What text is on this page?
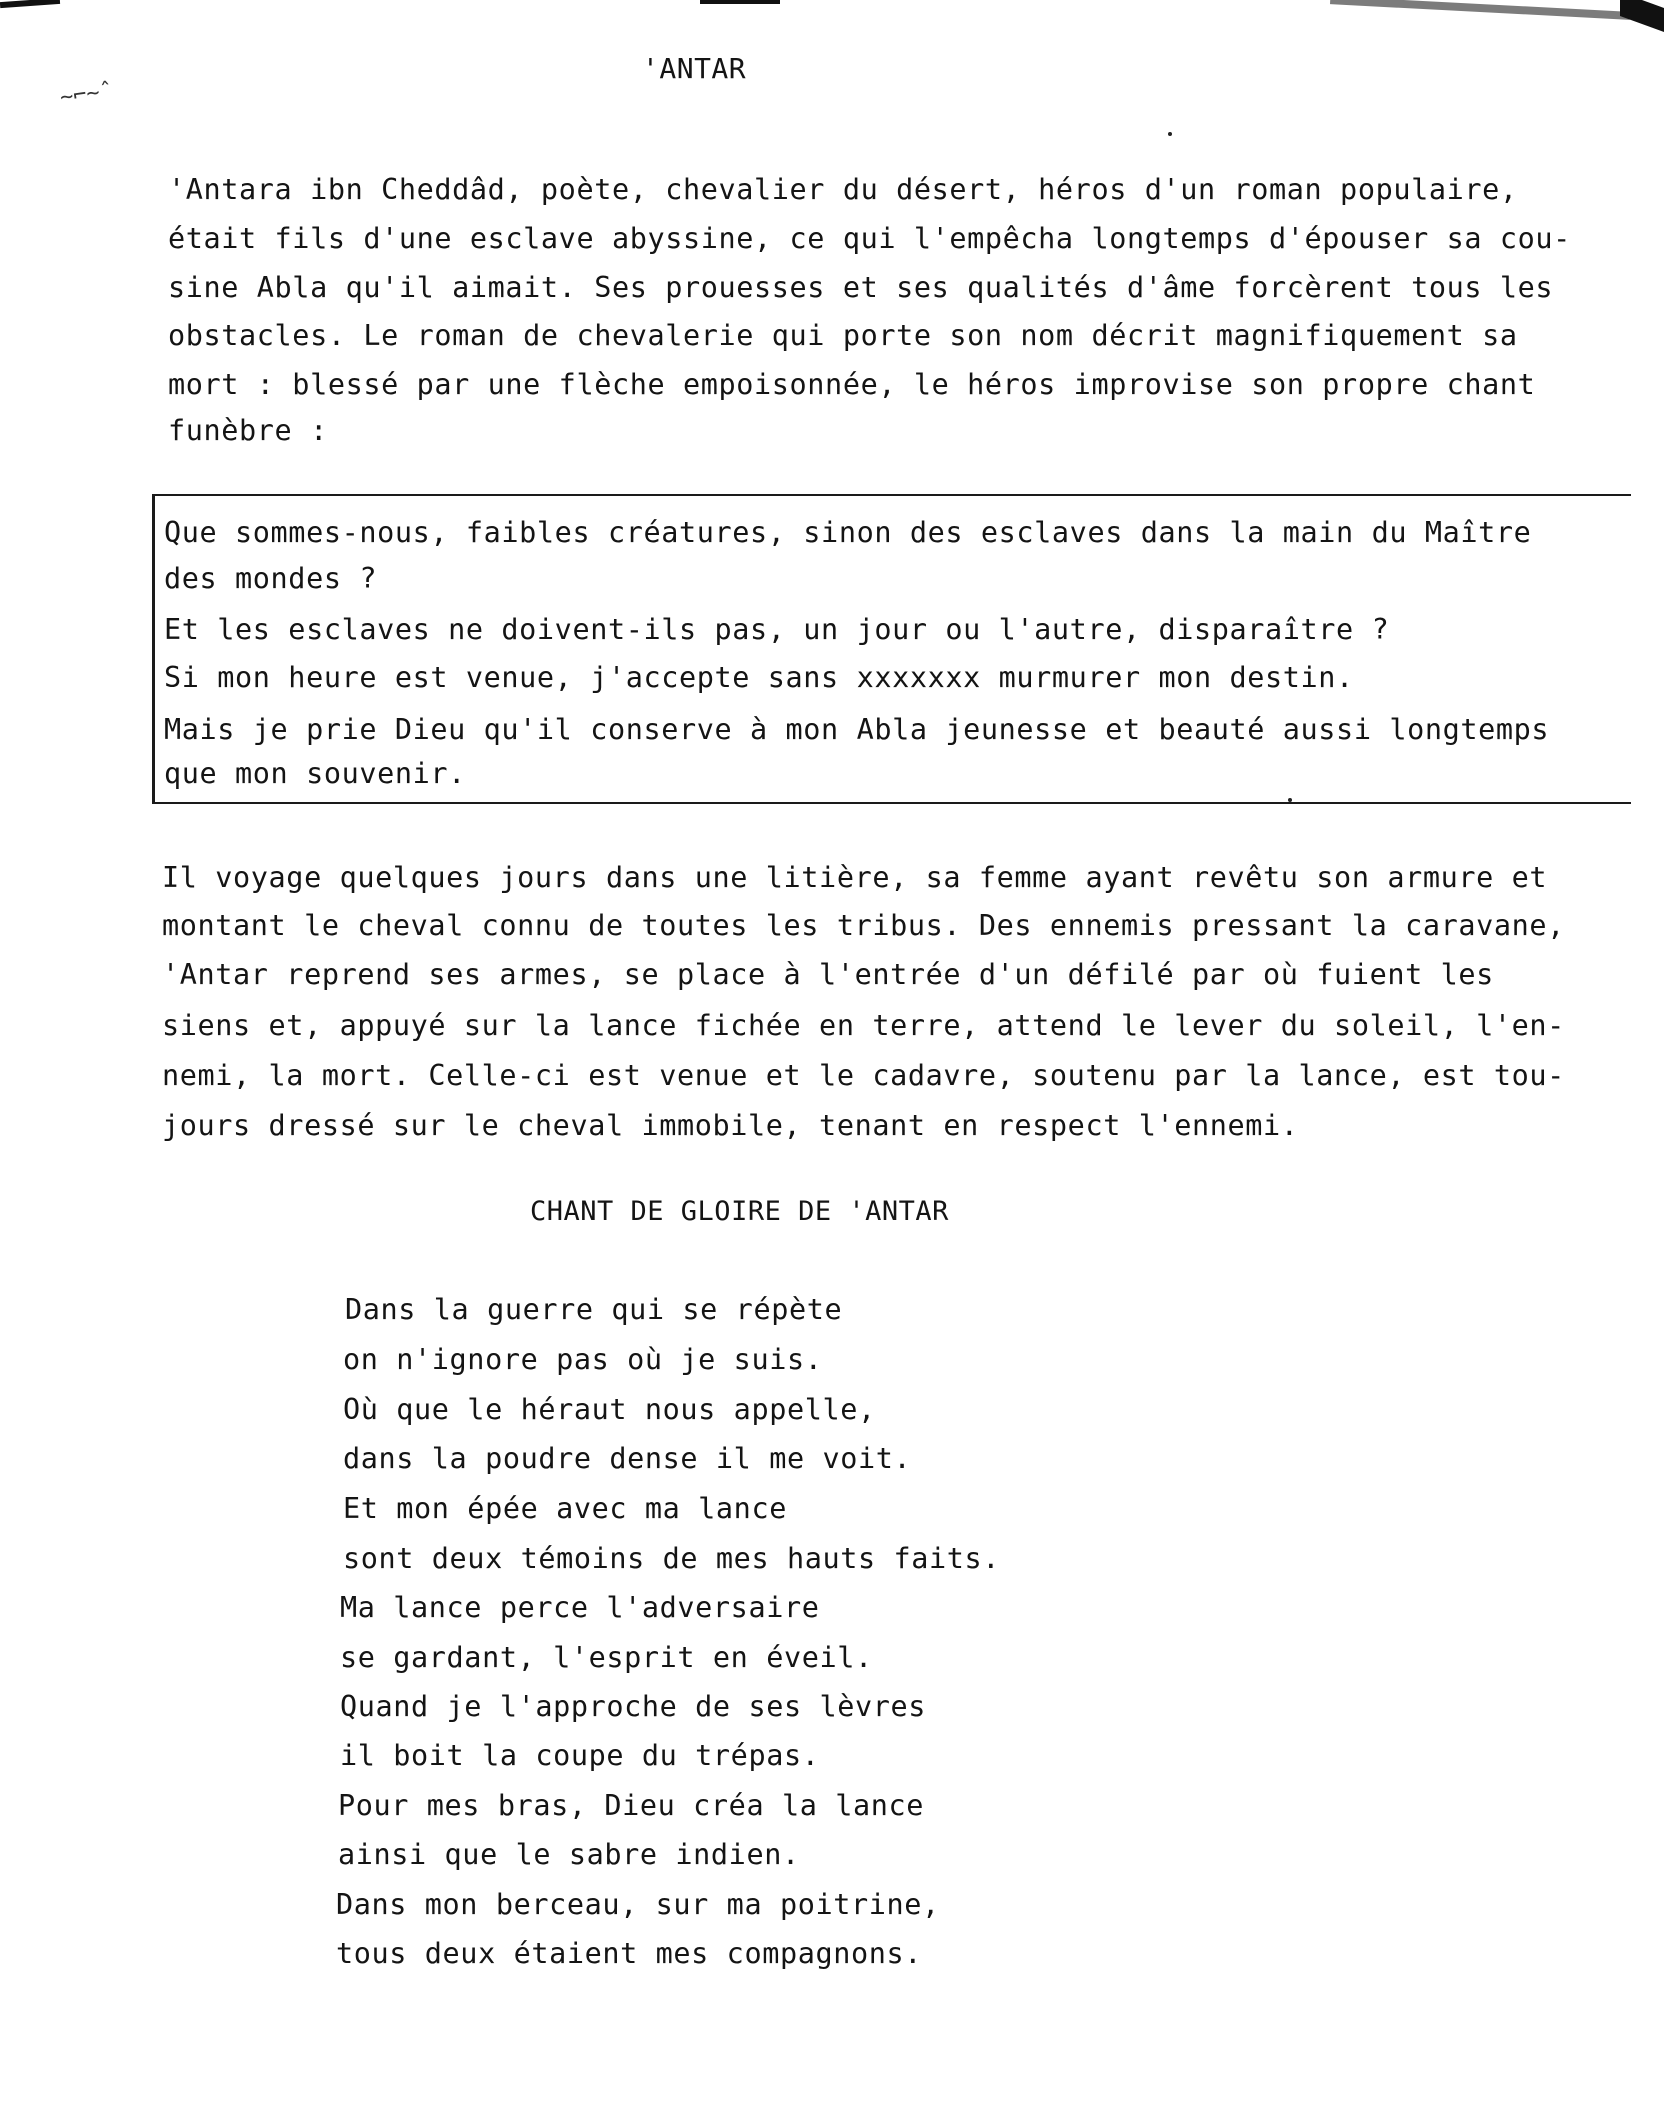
~⌐~ˆ
'ANTAR
'Antara ibn Cheddâd, poète, chevalier du désert, héros d'un roman populaire,
était fils d'une esclave abyssine, ce qui l'empêcha longtemps d'épouser sa cou-
sine Abla qu'il aimait. Ses prouesses et ses qualités d'âme forcèrent tous les
obstacles. Le roman de chevalerie qui porte son nom décrit magnifiquement sa
mort : blessé par une flèche empoisonnée, le héros improvise son propre chant
funèbre :
Que sommes-nous, faibles créatures, sinon des esclaves dans la main du Maître
des mondes ?
Et les esclaves ne doivent-ils pas, un jour ou l'autre, disparaître ?
Si mon heure est venue, j'accepte sans xxxxxxx murmurer mon destin.
Mais je prie Dieu qu'il conserve à mon Abla jeunesse et beauté aussi longtemps
que mon souvenir.
Il voyage quelques jours dans une litière, sa femme ayant revêtu son armure et
montant le cheval connu de toutes les tribus. Des ennemis pressant la caravane,
'Antar reprend ses armes, se place à l'entrée d'un défilé par où fuient les
siens et, appuyé sur la lance fichée en terre, attend le lever du soleil, l'en-
nemi, la mort. Celle-ci est venue et le cadavre, soutenu par la lance, est tou-
jours dressé sur le cheval immobile, tenant en respect l'ennemi.
CHANT DE GLOIRE DE 'ANTAR
Dans la guerre qui se répète
on n'ignore pas où je suis.
Où que le héraut nous appelle,
dans la poudre dense il me voit.
Et mon épée avec ma lance
sont deux témoins de mes hauts faits.
Ma lance perce l'adversaire
se gardant, l'esprit en éveil.
Quand je l'approche de ses lèvres
il boit la coupe du trépas.
Pour mes bras, Dieu créa la lance
ainsi que le sabre indien.
Dans mon berceau, sur ma poitrine,
tous deux étaient mes compagnons.
